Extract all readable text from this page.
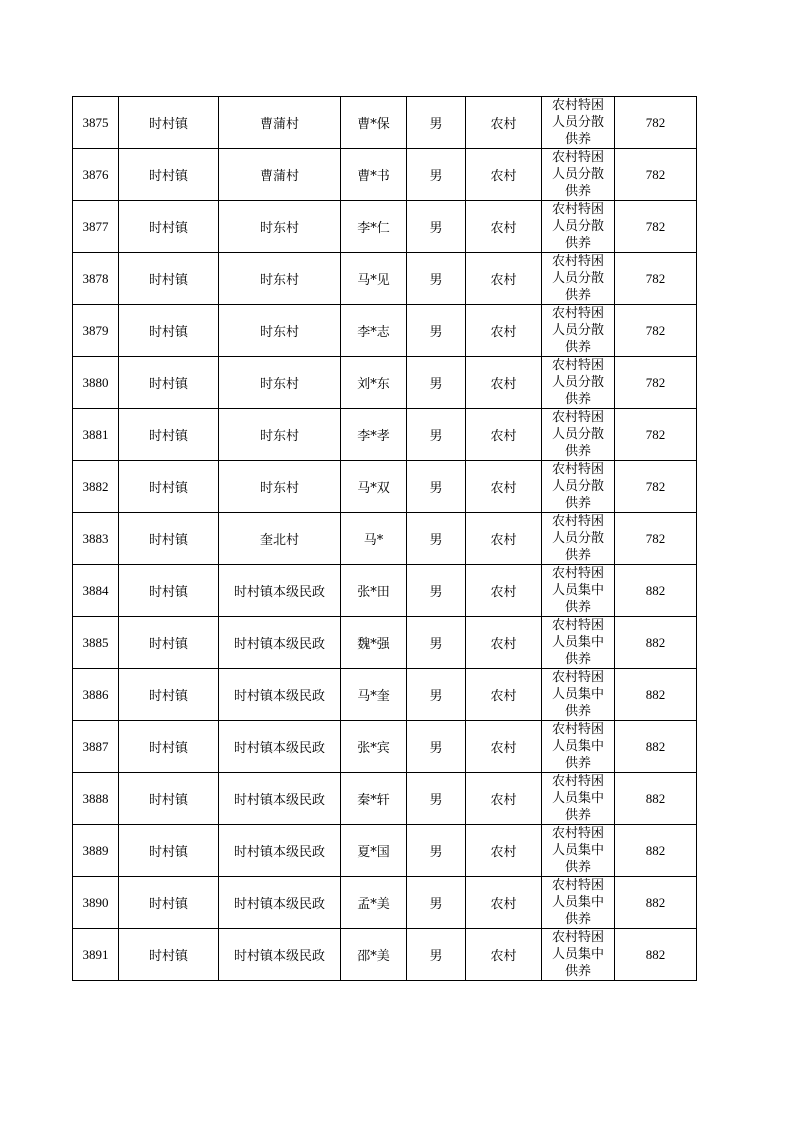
3875	时村镇	曹蒲村	曹*保	男	农村	农村特困人员分散供养	782
3876	时村镇	曹蒲村	曹*书	男	农村	农村特困人员分散供养	782
3877	时村镇	时东村	李*仁	男	农村	农村特困人员分散供养	782
3878	时村镇	时东村	马*见	男	农村	农村特困人员分散供养	782
3879	时村镇	时东村	李*志	男	农村	农村特困人员分散供养	782
3880	时村镇	时东村	刘*东	男	农村	农村特困人员分散供养	782
3881	时村镇	时东村	李*孝	男	农村	农村特困人员分散供养	782
3882	时村镇	时东村	马*双	男	农村	农村特困人员分散供养	782
3883	时村镇	奎北村	马*	男	农村	农村特困人员分散供养	782
3884	时村镇	时村镇本级民政	张*田	男	农村	农村特困人员集中供养	882
3885	时村镇	时村镇本级民政	魏*强	男	农村	农村特困人员集中供养	882
3886	时村镇	时村镇本级民政	马*奎	男	农村	农村特困人员集中供养	882
3887	时村镇	时村镇本级民政	张*宾	男	农村	农村特困人员集中供养	882
3888	时村镇	时村镇本级民政	秦*轩	男	农村	农村特困人员集中供养	882
3889	时村镇	时村镇本级民政	夏*国	男	农村	农村特困人员集中供养	882
3890	时村镇	时村镇本级民政	孟*美	男	农村	农村特困人员集中供养	882
3891	时村镇	时村镇本级民政	邵*美	男	农村	农村特困人员集中供养	882
